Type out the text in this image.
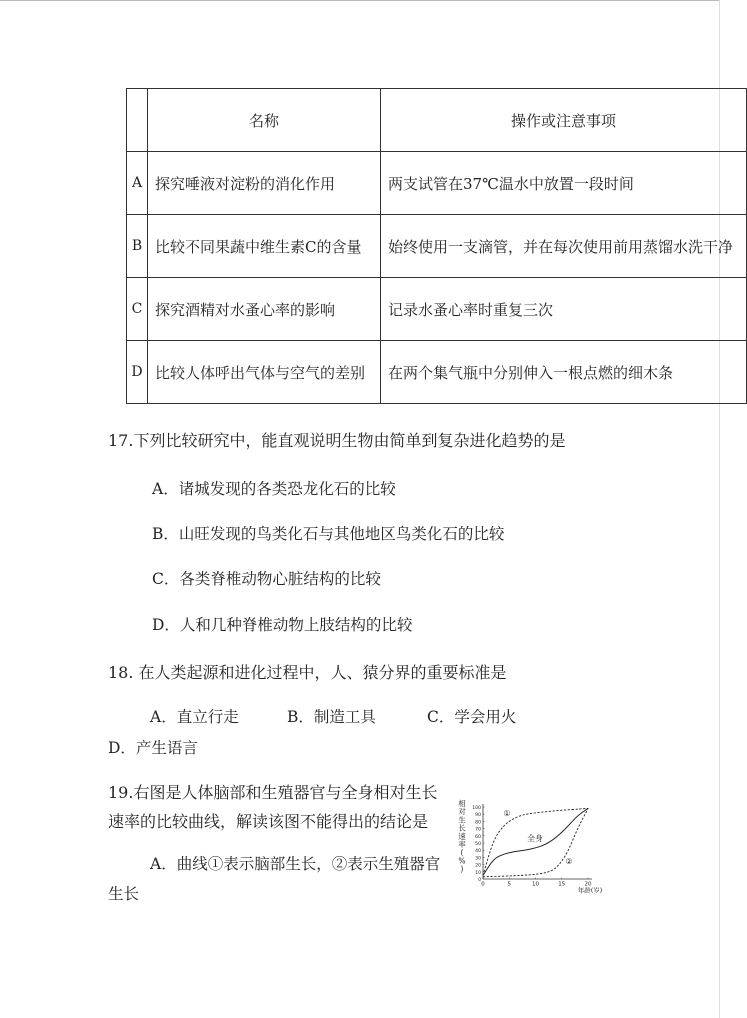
	名称	操作或注意事项
A	探究唾液对淀粉的消化作用	两支试管在37℃温水中放置一段时间
B	比较不同果蔬中维生素C的含量	始终使用一支滴管，并在每次使用前用蒸馏水洗干净
C	探究酒精对水蚤心率的影响	记录水蚤心率时重复三次
D	比较人体呼出气体与空气的差别	在两个集气瓶中分别伸入一根点燃的细木条
17.下列比较研究中，能直观说明生物由简单到复杂进化趋势的是
A．诸城发现的各类恐龙化石的比较
B．山旺发现的鸟类化石与其他地区鸟类化石的比较
C．各类脊椎动物心脏结构的比较
D．人和几种脊椎动物上肢结构的比较
18. 在人类起源和进化过程中，人、猿分界的重要标准是
A．直立行走	B．制造工具	C．学会用火
D．产生语言
19.右图是人体脑部和生殖器官与全身相对生长
速率的比较曲线，解读该图不能得出的结论是
A．曲线①表示脑部生长，②表示生殖器官
生长
相
对
生
长
速
率
(
%
)
0
10
20
30
40
50
60
70
80
90
100
0	5	10	15	20
年龄(岁)
①
全身
②
